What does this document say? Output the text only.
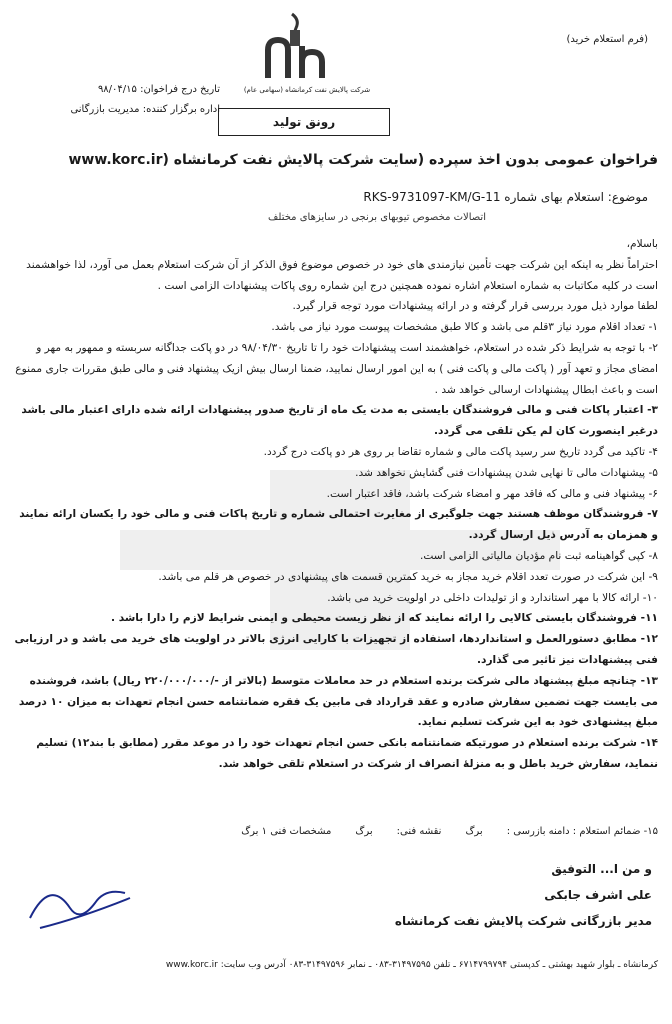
شرکت پالایش نفت کرمانشاه (سهامی عام)
رونق تولید
(فرم استعلام خرید)
تاریخ درج فراخوان: ۹۸/۰۴/۱۵
اداره برگزار کننده: مدیریت بازرگانی
فراخوان عمومی بدون اخذ سپرده (سایت شرکت پالایش نفت کرمانشاه (www.korc.ir
موضوع: استعلام بهای شماره RKS-9731097-KM/G-11
اتصالات مخصوص تیوبهای برنجی در سایزهای مختلف

باسلام،

احتراماً نظر به اینکه این شرکت جهت تأمین نیازمندی های خود در خصوص موضوع فوق الذکر از آن شرکت استعلام بعمل می آورد، لذا خواهشمند است در کلیه مکاتبات به شماره استعلام اشاره نموده همچنین درج این شماره روی پاکات پیشنهادات الزامی است .

لطفا موارد ذیل مورد بررسی قرار گرفته و در ارائه پیشنهادات مورد توجه قرار گیرد.

۱- تعداد اقلام مورد نیاز ۳قلم می باشد و کالا طبق مشخصات پیوست مورد نیاز می باشد.

۲- با توجه به شرایط ذکر شده در استعلام، خواهشمند است پیشنهادات خود را تا تاریخ ۹۸/۰۴/۳۰ در دو پاکت جداگانه سربسته و ممهور به مهر و امضای مجاز و تعهد آور ( پاکت مالی و پاکت فنی ) به این امور ارسال نمایید، ضمنا ارسال بیش ازیک پیشنهاد فنی و مالی طبق مقررات جاری ممنوع است و باعث ابطال پیشنهادات ارسالی خواهد شد .

۳- اعتبار پاکات فنی و مالی فروشندگان بایستی به مدت یک ماه از تاریخ صدور پیشنهادات ارائه شده دارای اعتبار مالی باشد درغیر اینصورت کان لم یکن تلقی می گردد.

۴- تاکید می گردد تاریخ سر رسید پاکت مالی و شماره تقاضا بر روی هر دو پاکت درج گردد.

۵- پیشنهادات مالی تا نهایی شدن پیشنهادات فنی گشایش نخواهد شد.

۶- پیشنهاد فنی و مالی که فاقد مهر و امضاء شرکت باشد، فاقد اعتبار است.

۷- فروشندگان موظف هستند جهت جلوگیری از مغایرت احتمالی شماره و تاریخ پاکات فنی و مالی خود را یکسان ارائه نمایند و همزمان به آدرس ذیل ارسال گردد.

۸- کپی گواهینامه ثبت نام مؤدیان مالیاتی الزامی است.

۹- این شرکت در صورت تعدد اقلام خرید مجاز به خرید کمترین قسمت های پیشنهادی در خصوص هر قلم می باشد.

۱۰- ارائه کالا با مهر استاندارد و از تولیدات داخلی در اولویت خرید می باشد.

۱۱- فروشندگان بایستی کالایی را ارائه نمایند که از نظر زیست محیطی و ایمنی شرایط لازم را دارا باشد .

۱۲- مطابق دستورالعمل و استانداردها، استفاده از تجهیزات با کارایی انرژی بالاتر در اولویت های خرید می باشد و در ارزیابی فنی پیشنهادات نیز تاثیر می گذارد.

۱۳- چنانچه مبلغ پیشنهاد مالی شرکت برنده استعلام در حد معاملات متوسط (بالاتر از -/۲۲۰/۰۰۰/۰۰۰ ریال) باشد، فروشنده می بایست جهت تضمین سفارش صادره و عقد قرارداد فی مابین یک فقره ضمانتنامه حسن انجام تعهدات به میزان ۱۰ درصد مبلغ پیشنهادی خود به این شرکت تسلیم نماید.

۱۴- شرکت برنده استعلام در صورتیکه ضمانتنامه بانکی حسن انجام تعهدات خود را در موعد مقرر (مطابق با بند۱۲) تسلیم ننماید، سفارش خرید باطل و به منزلهٔ انصراف از شرکت در استعلام تلقی خواهد شد.

۱۵- ضمائم استعلام : دامنه بازرسی :
برگ
نقشه فنی:
برگ
مشخصات فنی ۱ برگ
و من ا... التوفیق
علی اشرف جابکی
مدیر بازرگانی شرکت پالایش نفت کرمانشاه
کرمانشاه ـ بلوار شهید بهشتی ـ کدپستی ۶۷۱۴۷۹۹۷۹۴ ـ تلفن ۳۱۴۹۷۵۹۵-۰۸۳ ـ نمابر ۳۱۴۹۷۵۹۶-۰۸۳ آدرس وب سایت: www.korc.ir
